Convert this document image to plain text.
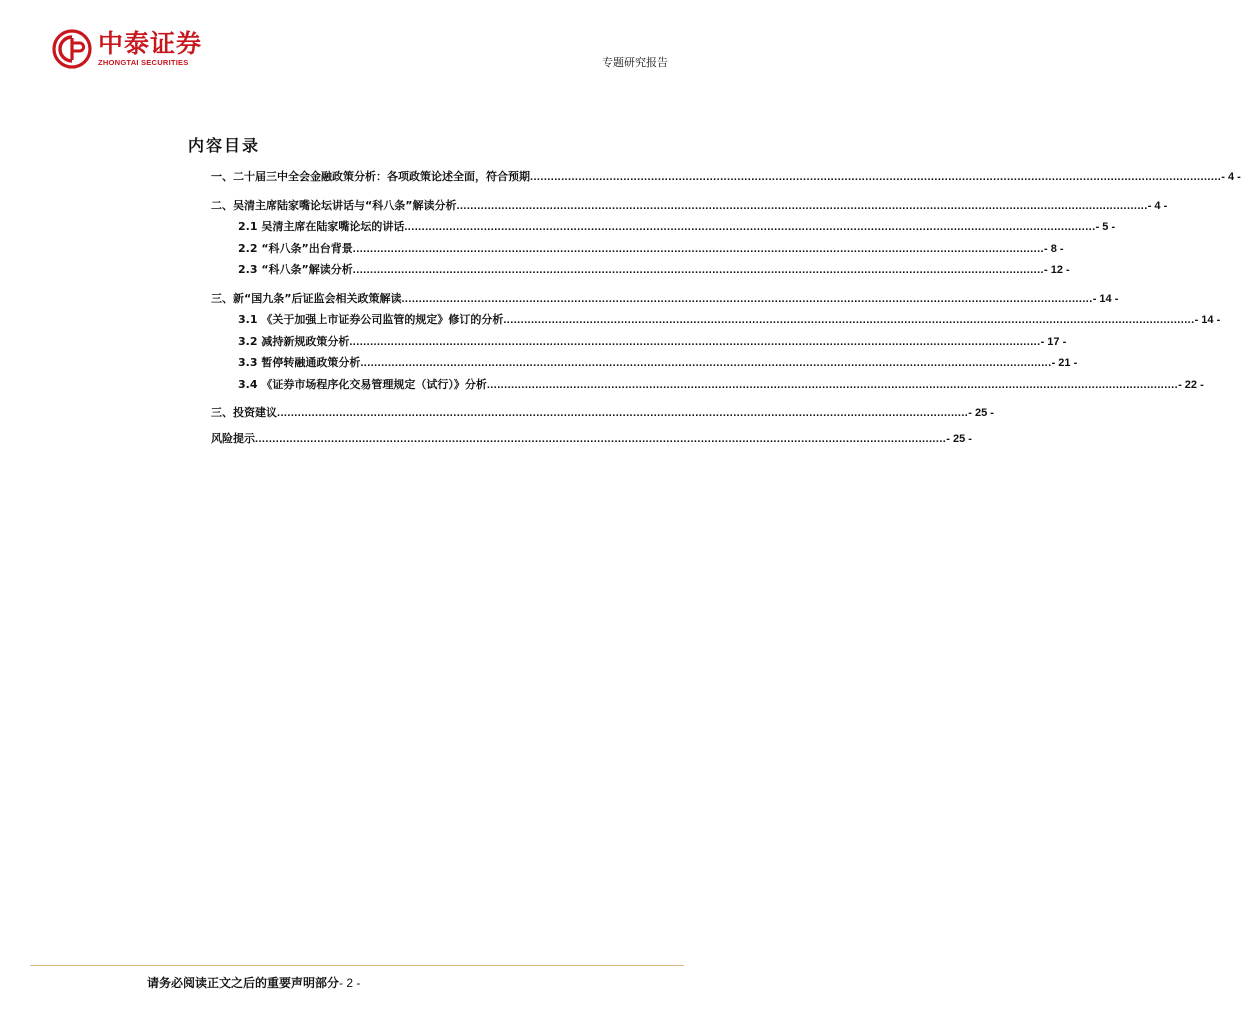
中泰证券
ZHONGTAI SECURITIES	专题研究报告
内容目录
一、二十届三中全会金融政策分析：各项政策论述全面，符合预期 ........................................................................................................................................................................................................ - 4 -
二、吴清主席陆家嘴论坛讲话与“科八条”解读分析 ........................................................................................................................................................................................................ - 4 -
2.1 吴清主席在陆家嘴论坛的讲话 ........................................................................................................................................................................................................ - 5 -
2.2 “科八条”出台背景 ........................................................................................................................................................................................................ - 8 -
2.3 “科八条”解读分析 ........................................................................................................................................................................................................ - 12 -
三、新“国九条”后证监会相关政策解读 ........................................................................................................................................................................................................ - 14 -
3.1 《关于加强上市证券公司监管的规定》修订的分析 ........................................................................................................................................................................................................ - 14 -
3.2 减持新规政策分析 ........................................................................................................................................................................................................ - 17 -
3.3 暂停转融通政策分析 ........................................................................................................................................................................................................ - 21 -
3.4 《证券市场程序化交易管理规定（试行）》分析 ........................................................................................................................................................................................................ - 22 -
三、投资建议 ........................................................................................................................................................................................................ - 25 -
风险提示 ........................................................................................................................................................................................................ - 25 -
请务必阅读正文之后的重要声明部分- 2 -
